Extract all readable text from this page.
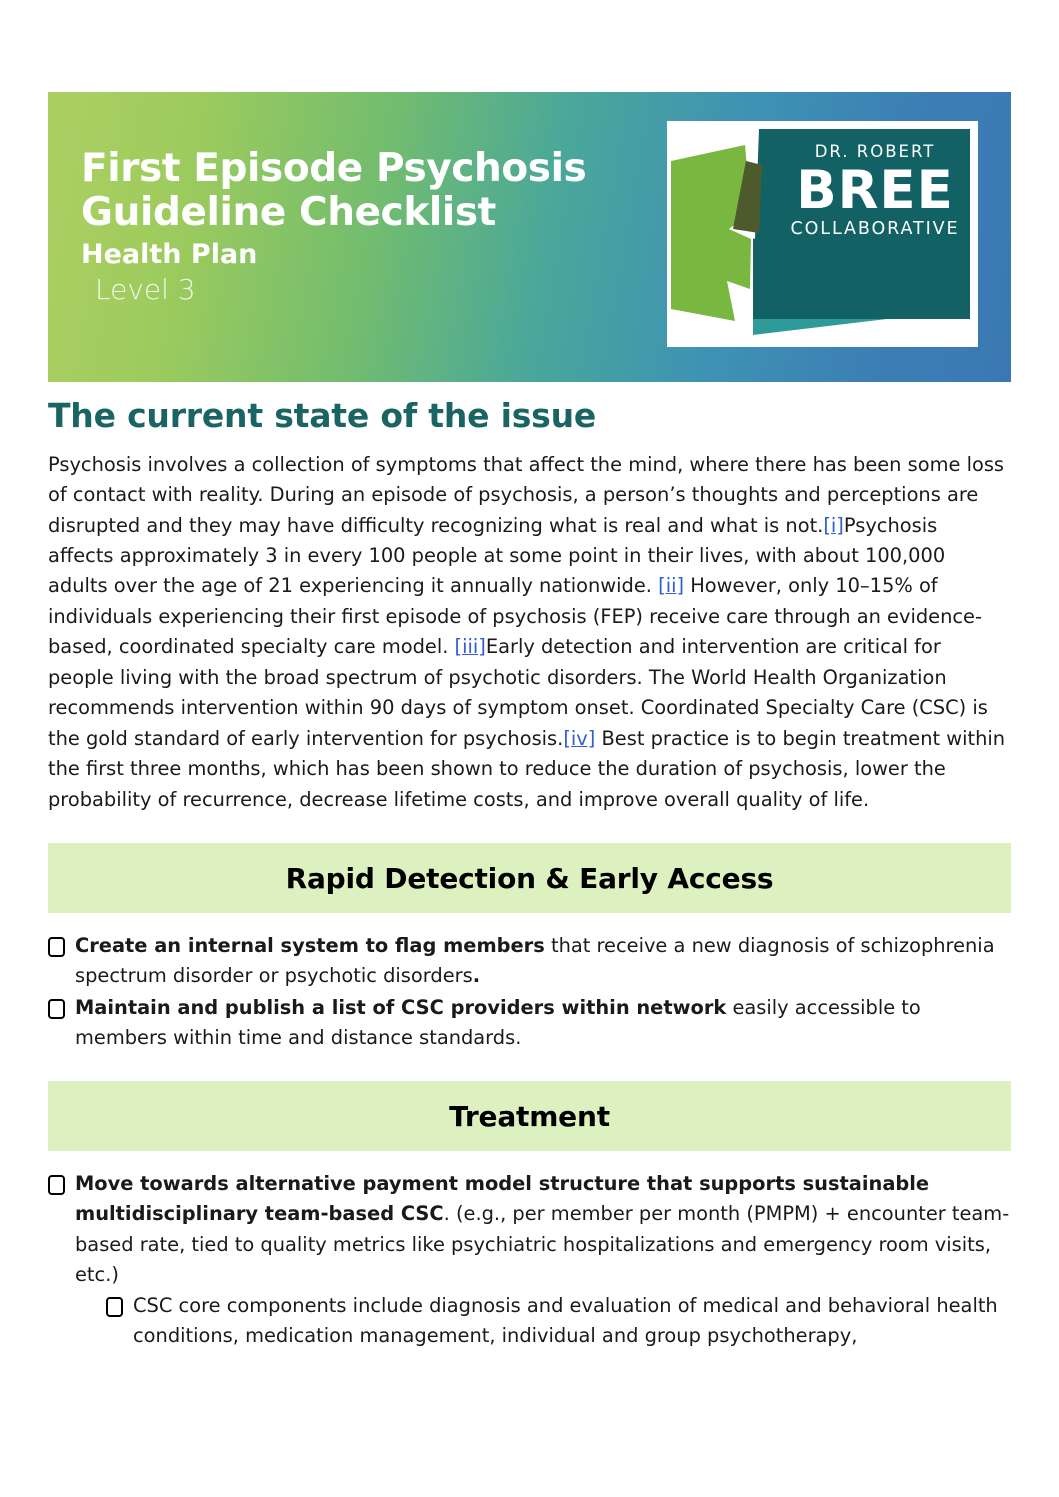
First Episode Psychosis
Guideline Checklist
Health Plan
Level 3
DR. ROBERT
BREE
COLLABORATIVE
The current state of the issue

Psychosis involves a collection of symptoms that affect the mind, where there has been some loss of contact with reality. During an episode of psychosis, a person’s thoughts and perceptions are disrupted and they may have difficulty recognizing what is real and what is not.[i]Psychosis affects approximately 3 in every 100 people at some point in their lives, with about 100,000 adults over the age of 21 experiencing it annually nationwide. [ii] However, only 10–15% of individuals experiencing their first episode of psychosis (FEP) receive care through an evidence-based, coordinated specialty care model. [iii]Early detection and intervention are critical for people living with the broad spectrum of psychotic disorders. The World Health Organization recommends intervention within 90 days of symptom onset. Coordinated Specialty Care (CSC) is the gold standard of early intervention for psychosis.[iv] Best practice is to begin treatment within the first three months, which has been shown to reduce the duration of psychosis, lower the probability of recurrence, decrease lifetime costs, and improve overall quality of life.

Rapid Detection & Early Access
Create an internal system to flag members that receive a new diagnosis of schizophrenia spectrum disorder or psychotic disorders.
Maintain and publish a list of CSC providers within network easily accessible to members within time and distance standards.
Treatment
Move towards alternative payment model structure that supports sustainable multidisciplinary team-based CSC. (e.g., per member per month (PMPM) + encounter team-based rate, tied to quality metrics like psychiatric hospitalizations and emergency room visits, etc.)
CSC core components include diagnosis and evaluation of medical and behavioral health conditions, medication management, individual and group psychotherapy,
